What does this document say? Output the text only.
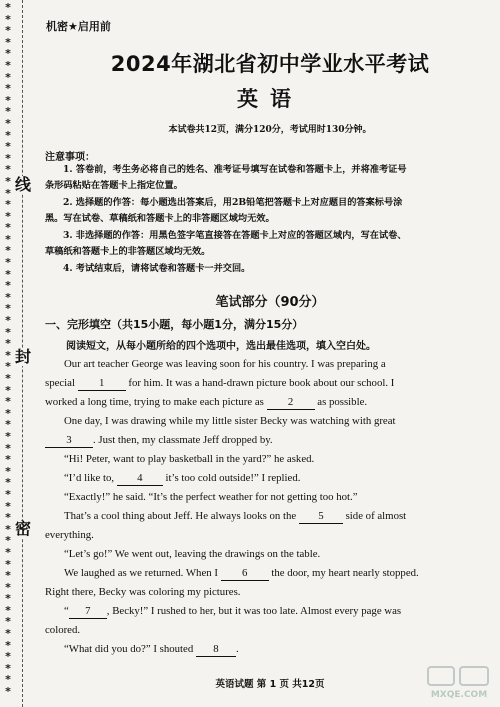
*
*
*
*
*
*
*
*
*
*
*
*
*
*
*
*
*
*
*
*
*
*
*
*
*
*
*
*
*
*
*
*
*
*
*
*
*
*
*
*
*
*
*
*
*
*
*
*
*
*
*
*
*
*
*
*
*
*
*
*
线
封
密
机密★启用前
2024年湖北省初中学业水平考试
英语
本试卷共12页，满分120分，考试用时130分钟。
注意事项：
1. 答卷前，考生务必将自己的姓名、准考证号填写在试卷和答题卡上，并将准考证号
条形码粘贴在答题卡上指定位置。
2. 选择题的作答：每小题选出答案后，用2B铅笔把答题卡上对应题目的答案标号涂
黑。写在试卷、草稿纸和答题卡上的非答题区域均无效。
3. 非选择题的作答：用黑色签字笔直接答在答题卡上对应的答题区域内，写在试卷、
草稿纸和答题卡上的非答题区域均无效。
4. 考试结束后，请将试卷和答题卡一并交回。
笔试部分（90分）
一、完形填空（共15小题，每小题1分，满分15分）
阅读短文，从每小题所给的四个选项中，选出最佳选项，填入空白处。
Our art teacher George was leaving soon for his country. I was preparing a
special 1 for him. It was a hand-drawn picture book about our school. I
worked a long time, trying to make each picture as 2 as possible.
One day, I was drawing while my little sister Becky was watching with great
3 . Just then, my classmate Jeff dropped by.
“Hi! Peter, want to play basketball in the yard?” he asked.
“I’d like to, 4 it’s too cold outside!” I replied.
“Exactly!” he said. “It’s the perfect weather for not getting too hot.”
That’s a cool thing about Jeff. He always looks on the 5 side of almost
everything.
“Let’s go!” We went out, leaving the drawings on the table.
We laughed as we returned. When I 6 the door, my heart nearly stopped.
Right there, Becky was coloring my pictures.
“ 7 , Becky!” I rushed to her, but it was too late. Almost every page was
colored.
“What did you do?” I shouted 8 .
英语试题 第 1 页 共12页
MXQE.COM
